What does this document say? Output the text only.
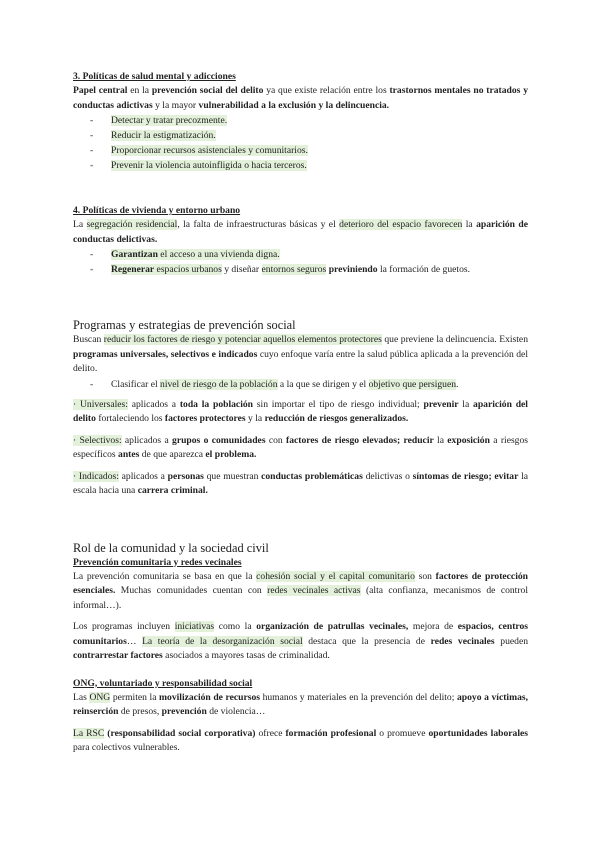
3. Políticas de salud mental y adicciones

Papel central en la prevención social del delito ya que existe relación entre los trastornos mentales no tratados y conductas adictivas y la mayor vulnerabilidad a la exclusión y la delincuencia.

- Detectar y tratar precozmente.
- Reducir la estigmatización.
- Proporcionar recursos asistenciales y comunitarios.
- Prevenir la violencia autoinfligida o hacia terceros.
4. Políticas de vivienda y entorno urbano

La segregación residencial, la falta de infraestructuras básicas y el deterioro del espacio favorecen la aparición de conductas delictivas.

- Garantizan el acceso a una vivienda digna.
- Regenerar espacios urbanos y diseñar entornos seguros previniendo la formación de guetos.
Programas y estrategias de prevención social

Buscan reducir los factores de riesgo y potenciar aquellos elementos protectores que previene la delincuencia. Existen programas universales, selectivos e indicados cuyo enfoque varía entre la salud pública aplicada a la prevención del delito.

- Clasificar el nivel de riesgo de la población a la que se dirigen y el objetivo que persiguen.

· Universales: aplicados a toda la población sin importar el tipo de riesgo individual; prevenir la aparición del delito fortaleciendo los factores protectores y la reducción de riesgos generalizados.

· Selectivos: aplicados a grupos o comunidades con factores de riesgo elevados; reducir la exposición a riesgos específicos antes de que aparezca el problema.

· Indicados: aplicados a personas que muestran conductas problemáticas delictivas o síntomas de riesgo; evitar la escala hacia una carrera criminal.

Rol de la comunidad y la sociedad civil
Prevención comunitaria y redes vecinales

La prevención comunitaria se basa en que la cohesión social y el capital comunitario son factores de protección esenciales. Muchas comunidades cuentan con redes vecinales activas (alta confianza, mecanismos de control informal…).

Los programas incluyen iniciativas como la organización de patrullas vecinales, mejora de espacios, centros comunitarios… La teoría de la desorganización social destaca que la presencia de redes vecinales pueden contrarrestar factores asociados a mayores tasas de criminalidad.

ONG, voluntariado y responsabilidad social

Las ONG permiten la movilización de recursos humanos y materiales en la prevención del delito; apoyo a víctimas, reinserción de presos, prevención de violencia…

La RSC (responsabilidad social corporativa) ofrece formación profesional o promueve oportunidades laborales para colectivos vulnerables.
